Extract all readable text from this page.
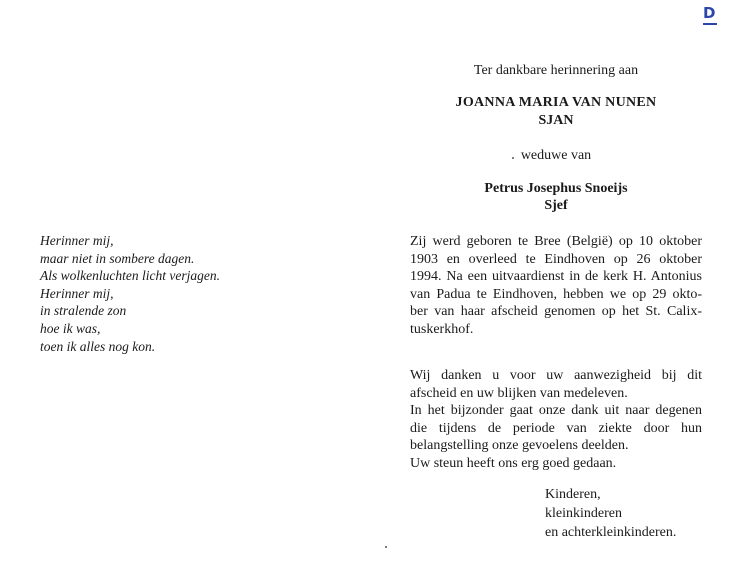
D
Herinner mij,
maar niet in sombere dagen.
Als wolkenluchten licht verjagen.
Herinner mij,
in stralende zon
hoe ik was,
toen ik alles nog kon.
Ter dankbare herinnering aan
JOANNA MARIA VAN NUNEN
SJAN
weduwe van
Petrus Josephus Snoeijs
Sjef
Zij werd geboren te Bree (België) op 10 oktober
1903 en overleed te Eindhoven op 26 oktober
1994. Na een uitvaardienst in de kerk H. Antonius
van Padua te Eindhoven, hebben we op 29 okto-
ber van haar afscheid genomen op het St. Calix-
tuskerkhof.
Wij danken u voor uw aanwezigheid bij dit
afscheid en uw blijken van medeleven.
In het bijzonder gaat onze dank uit naar degenen
die tijdens de periode van ziekte door hun
belangstelling onze gevoelens deelden.
Uw steun heeft ons erg goed gedaan.
Kinderen,
kleinkinderen
en achterkleinkinderen.
